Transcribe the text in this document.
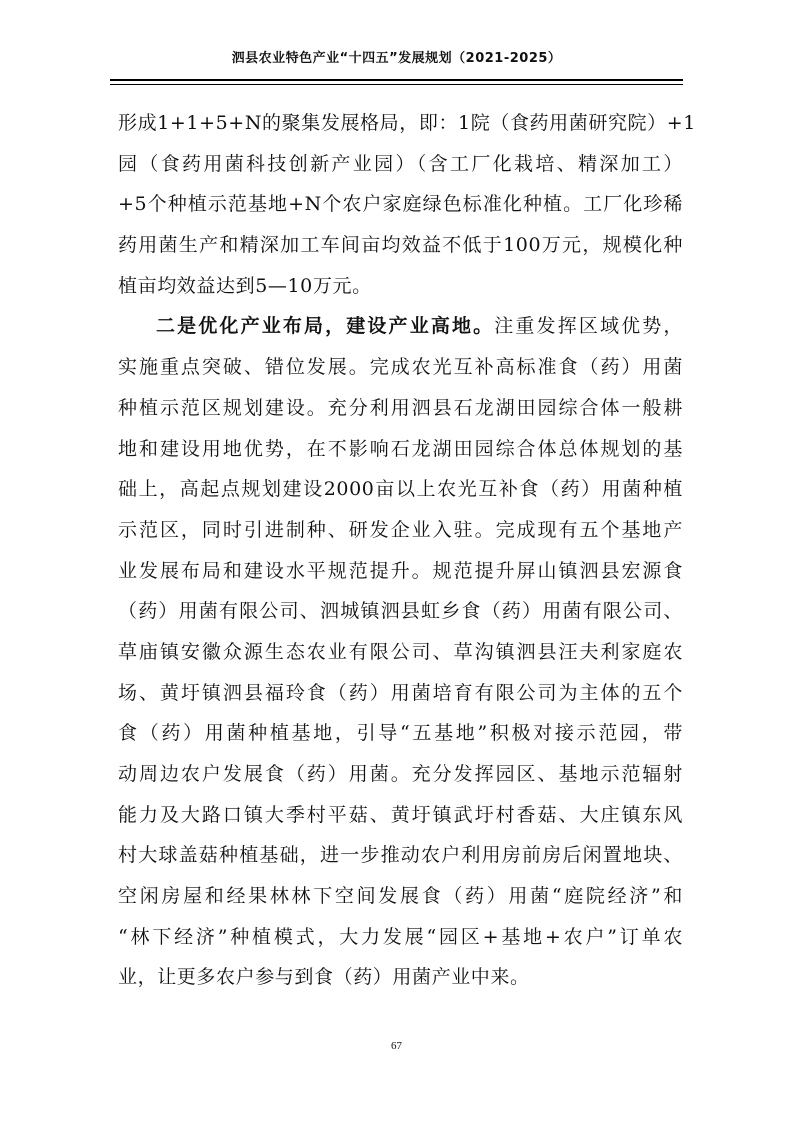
泗县农业特色产业“十四五”发展规划（2021-2025）
形成1+1+5+N的聚集发展格局，即：1院（食药用菌研究院）+1
园（食药用菌科技创新产业园）（含工厂化栽培、精深加工）
+5个种植示范基地+N个农户家庭绿色标准化种植。工厂化珍稀
药用菌生产和精深加工车间亩均效益不低于100万元，规模化种
植亩均效益达到5—10万元。
二是优化产业布局，建设产业高地。注重发挥区域优势，
实施重点突破、错位发展。完成农光互补高标准食（药）用菌
种植示范区规划建设。充分利用泗县石龙湖田园综合体一般耕
地和建设用地优势，在不影响石龙湖田园综合体总体规划的基
础上，高起点规划建设2000亩以上农光互补食（药）用菌种植
示范区，同时引进制种、研发企业入驻。完成现有五个基地产
业发展布局和建设水平规范提升。规范提升屏山镇泗县宏源食
（药）用菌有限公司、泗城镇泗县虹乡食（药）用菌有限公司、
草庙镇安徽众源生态农业有限公司、草沟镇泗县汪夫利家庭农
场、黄圩镇泗县福玲食（药）用菌培育有限公司为主体的五个
食（药）用菌种植基地，引导“五基地”积极对接示范园，带
动周边农户发展食（药）用菌。充分发挥园区、基地示范辐射
能力及大路口镇大季村平菇、黄圩镇武圩村香菇、大庄镇东风
村大球盖菇种植基础，进一步推动农户利用房前房后闲置地块、
空闲房屋和经果林林下空间发展食（药）用菌“庭院经济”和
“林下经济”种植模式，大力发展“园区+基地+农户”订单农
业，让更多农户参与到食（药）用菌产业中来。
67
